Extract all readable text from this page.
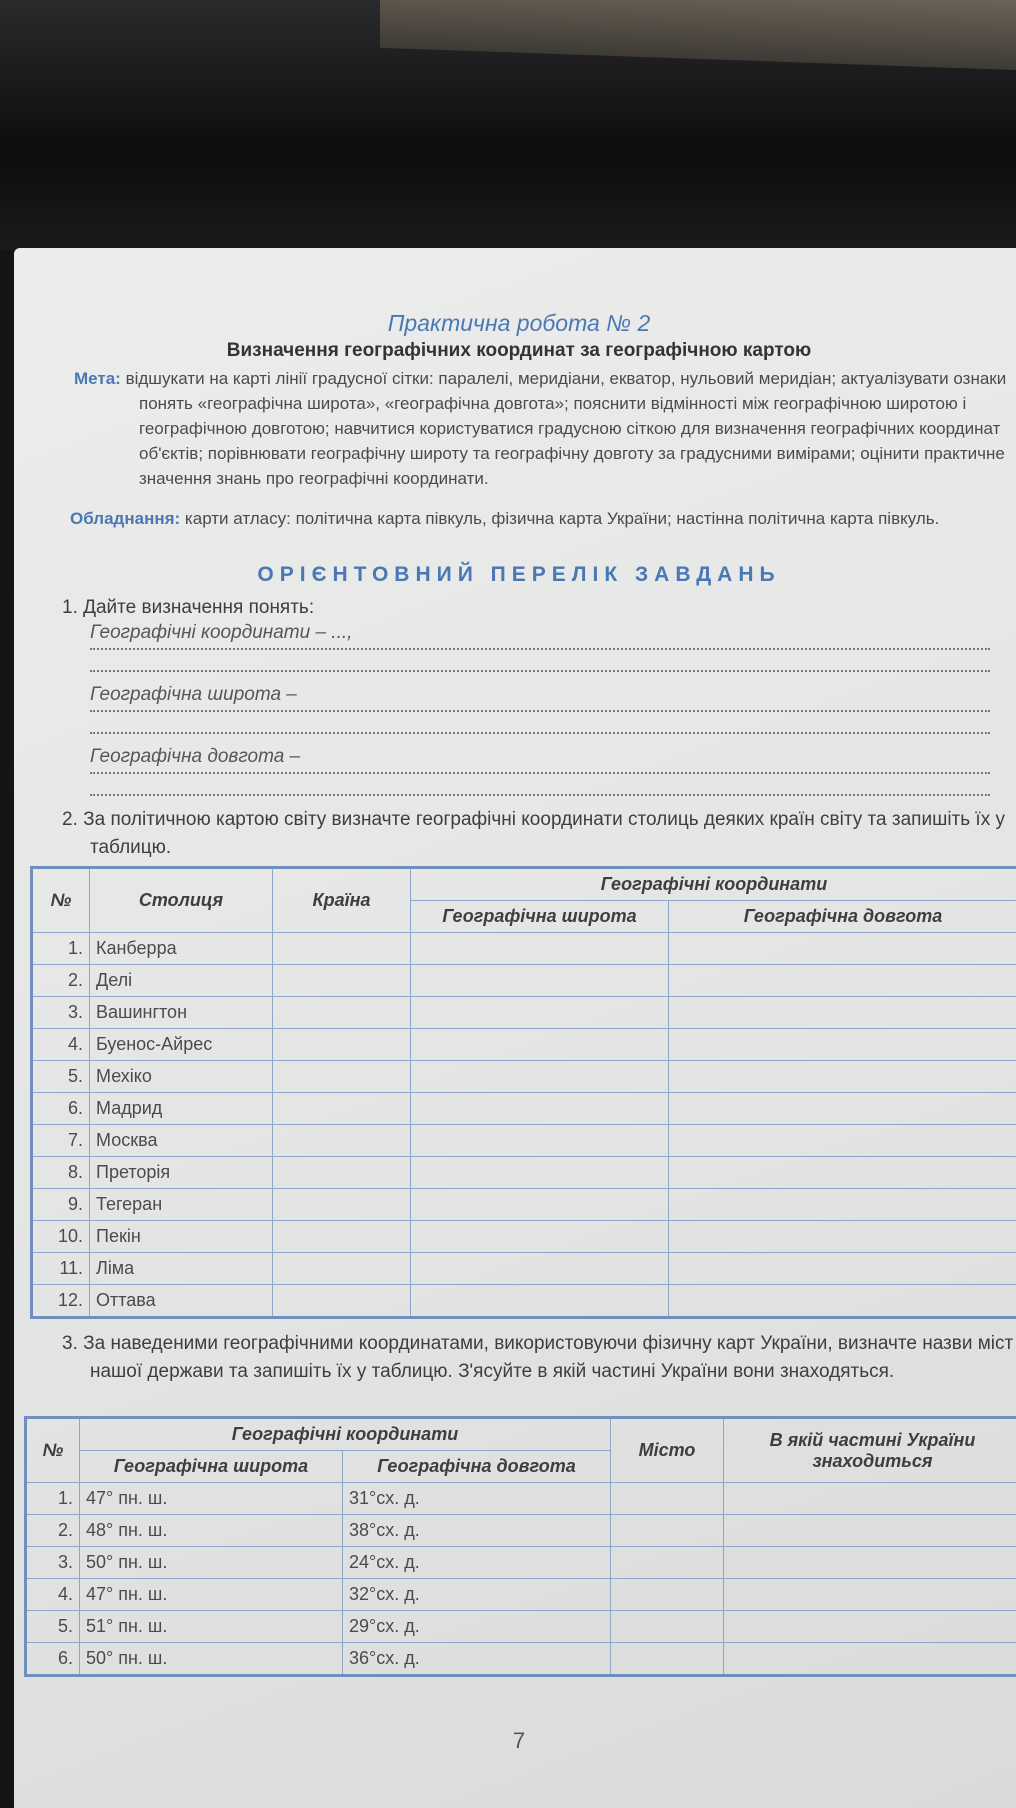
Практична робота № 2
Визначення географічних координат за географічною картою
Мета: відшукати на карті лінії градусної сітки: паралелі, меридіани, екватор, нульовий меридіан; актуалізувати ознаки понять «географічна широта», «географічна довгота»; пояснити відмінності між географічною широтою і географічною довготою; навчитися користуватися градусною сіткою для визначення географічних координат об'єктів; порівнювати географічну широту та географічну довготу за градусними вимірами; оцінити практичне значення знань про географічні координати.
Обладнання: карти атласу: політична карта півкуль, фізична карта України; настінна політична карта півкуль.
ОРІЄНТОВНИЙ ПЕРЕЛІК ЗАВДАНЬ
1. Дайте визначення понять:
Географічні координати – ...,
Географічна широта –
Географічна довгота –
2. За політичною картою світу визначте географічні координати столиць деяких країн світу та запишіть їх у таблицю.
№	Столиця	Країна	Географічні координати	
			Географічна широта	Географічна довгота
1.	Канберра			
2.	Делі			
3.	Вашингтон			
4.	Буенос-Айрес			
5.	Мехіко			
6.	Мадрид			
7.	Москва			
8.	Преторія			
9.	Тегеран			
10.	Пекін			
11.	Ліма			
12.	Оттава			
3. За наведеними географічними координатами, використовуючи фізичну карт України, визначте назви міст нашої держави та запишіть їх у таблицю. З'ясуйте в якій частині України вони знаходяться.
№	Географічні координати		Місто	В якій частині України знаходиться
	Географічна широта	Географічна довгота		
1.	47° пн. ш.	31°сх. д.		
2.	48° пн. ш.	38°сх. д.		
3.	50° пн. ш.	24°сх. д.		
4.	47° пн. ш.	32°сх. д.		
5.	51° пн. ш.	29°сх. д.		
6.	50° пн. ш.	36°сх. д.		
7
